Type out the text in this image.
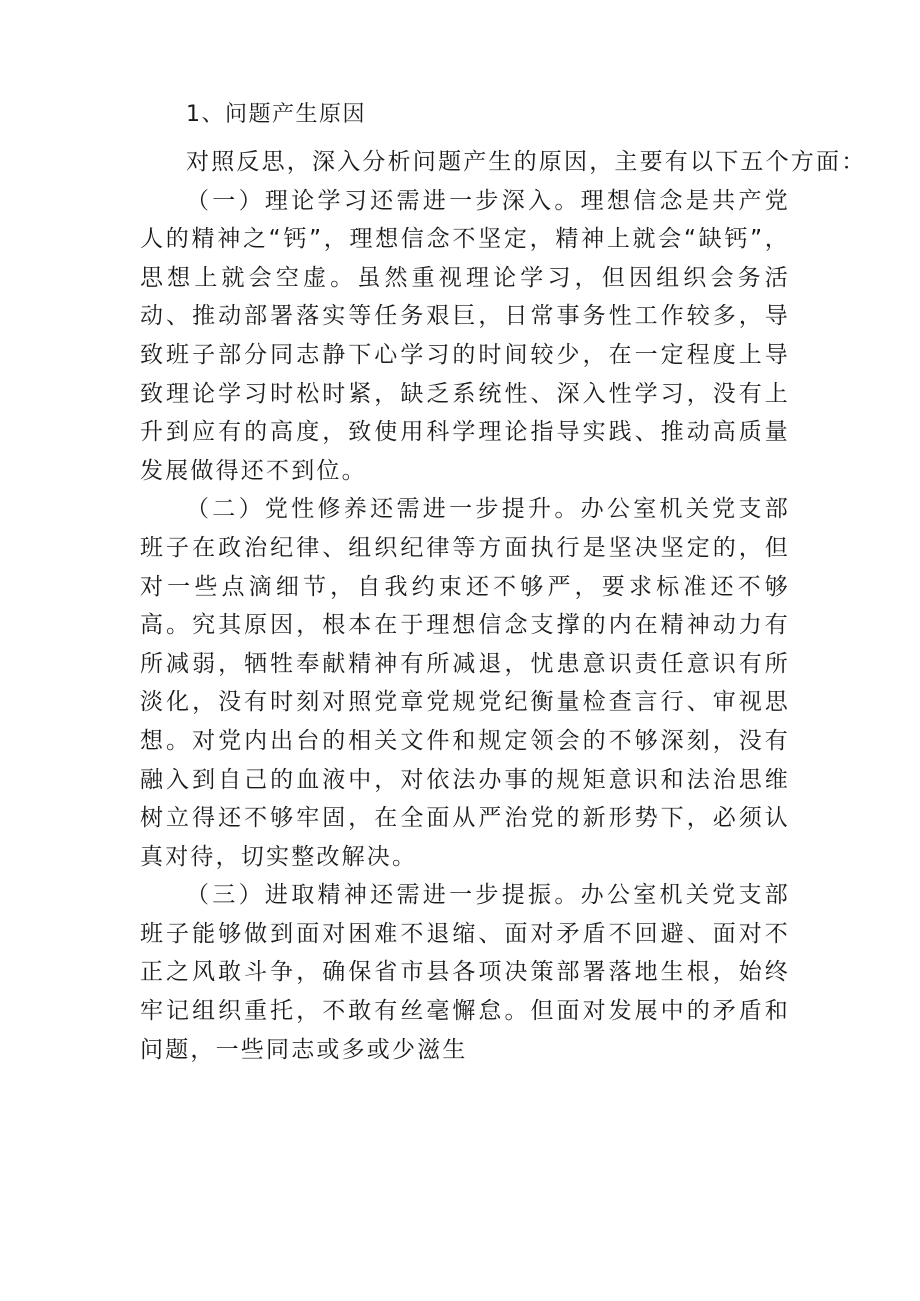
1、问题产生原因

对照反思，深入分析问题产生的原因，主要有以下五个方面：

（一）理论学习还需进一步深入。理想信念是共产党人的精神之“钙”，理想信念不坚定，精神上就会“缺钙”，思想上就会空虚。虽然重视理论学习，但因组织会务活动、推动部署落实等任务艰巨，日常事务性工作较多，导致班子部分同志静下心学习的时间较少，在一定程度上导致理论学习时松时紧，缺乏系统性、深入性学习，没有上升到应有的高度，致使用科学理论指导实践、推动高质量发展做得还不到位。

（二）党性修养还需进一步提升。办公室机关党支部班子在政治纪律、组织纪律等方面执行是坚决坚定的，但对一些点滴细节，自我约束还不够严，要求标准还不够高。究其原因，根本在于理想信念支撑的内在精神动力有所减弱，牺牲奉献精神有所减退，忧患意识责任意识有所淡化，没有时刻对照党章党规党纪衡量检查言行、审视思想。对党内出台的相关文件和规定领会的不够深刻，没有融入到自己的血液中，对依法办事的规矩意识和法治思维树立得还不够牢固，在全面从严治党的新形势下，必须认真对待，切实整改解决。

（三）进取精神还需进一步提振。办公室机关党支部班子能够做到面对困难不退缩、面对矛盾不回避、面对不正之风敢斗争，确保省市县各项决策部署落地生根，始终牢记组织重托，不敢有丝毫懈怠。但面对发展中的矛盾和问题，一些同志或多或少滋生
